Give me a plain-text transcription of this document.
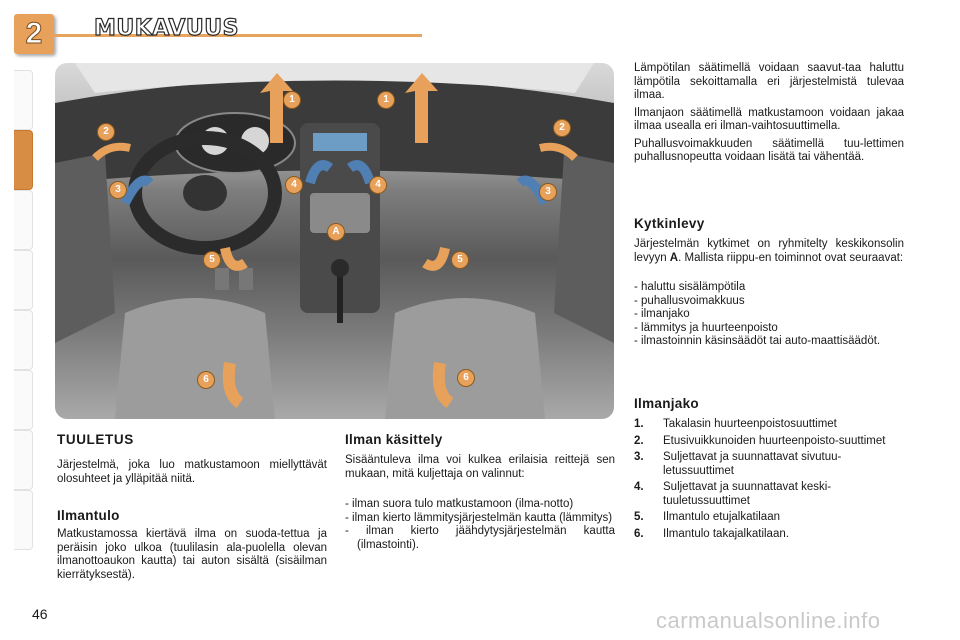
2	MUKAVUUS
1	1
2	2
3	3
4	4
A
5	5
6	6
TUULETUS
Järjestelmä, joka luo matkustamoon miellyttävät olosuhteet ja ylläpitää niitä.
Ilmantulo
Matkustamossa kiertävä ilma on suoda-tettua ja peräisin joko ulkoa (tuulilasin ala-puolella olevan ilmanottoaukon kautta) tai auton sisältä (sisäilman kierrätyksestä).
Ilman käsittely
Sisääntuleva ilma voi kulkea erilaisia reittejä sen mukaan, mitä kuljettaja on valinnut:
- ilman suora tulo matkustamoon (ilma-notto)
- ilman kierto lämmitysjärjestelmän kautta (lämmitys)
- ilman kierto jäähdytysjärjestelmän kautta (ilmastointi).
Lämpötilan säätimellä voidaan saavut-taa haluttu lämpötila sekoittamalla eri järjestelmistä tulevaa ilmaa.
Ilmanjaon säätimellä matkustamoon voidaan jakaa ilmaa usealla eri ilman-vaihtosuuttimella.
Puhallusvoimakkuuden säätimellä tuu-lettimen puhallusnopeutta voidaan lisätä tai vähentää.
Kytkinlevy
Järjestelmän kytkimet on ryhmitelty keskikonsolin levyyn A. Mallista riippu-en toiminnot ovat seuraavat:
- haluttu sisälämpötila
- puhallusvoimakkuus
- ilmanjako
- lämmitys ja huurteenpoisto
- ilmastoinnin käsinsäädöt tai auto-maattisäädöt.
Ilmanjako
1. Takalasin huurteenpoistosuuttimet
2. Etusivuikkunoiden huurteenpoisto-suuttimet
3. Suljettavat ja suunnattavat sivutuu-letussuuttimet
4. Suljettavat ja suunnattavat keski-tuuletussuuttimet
5. Ilmantulo etujalkatilaan
6. Ilmantulo takajalkatilaan.
46	carmanualsonline.info
